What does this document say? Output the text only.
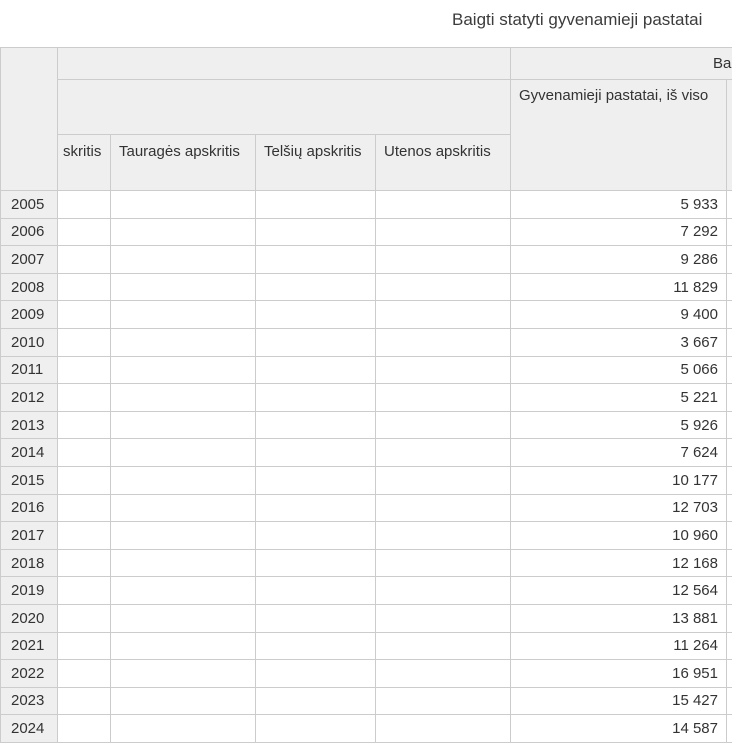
Baigti statyti gyvenamieji pastatai
					Ba	
					Gyvenamieji pastatai, iš viso	
	skritis	Tauragės apskritis	Telšių apskritis	Utenos apskritis		
2005					5 933	
2006					7 292	
2007					9 286	
2008					11 829	
2009					9 400	
2010					3 667	
2011					5 066	
2012					5 221	
2013					5 926	
2014					7 624	
2015					10 177	
2016					12 703	
2017					10 960	
2018					12 168	
2019					12 564	
2020					13 881	
2021					11 264	
2022					16 951	
2023					15 427	
2024					14 587	
